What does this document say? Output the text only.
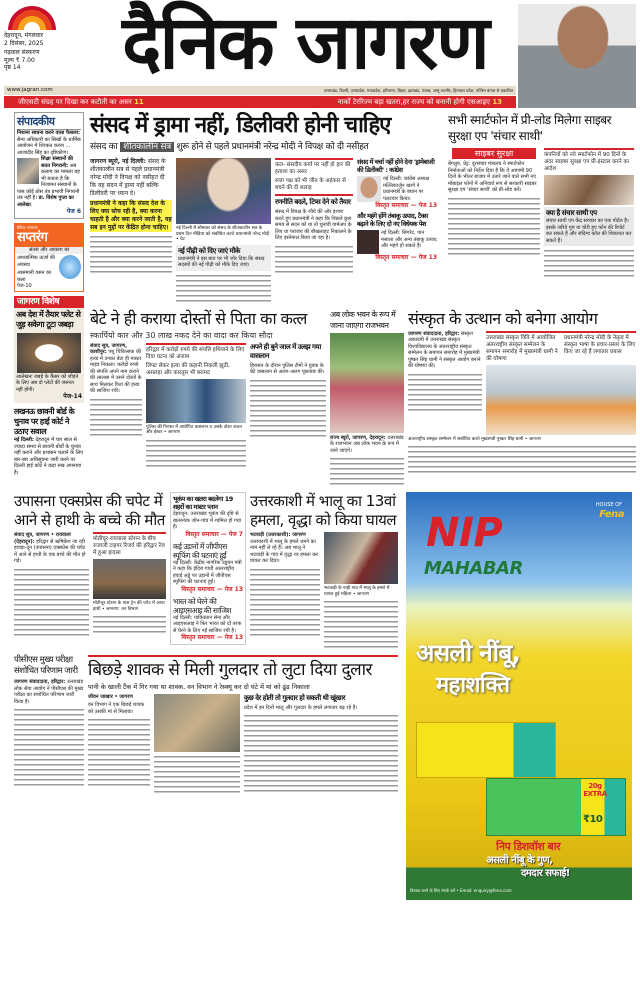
देहरादून, मंगलवार
2 दिसंबर, 2025
गढ़वाल संस्करण
मूल्य ₹ 7.00
पृष्ठ 14	दैनिक जागरण
www.jagran.com	उत्तराखंड, दिल्ली, उत्तरप्रदेश, मध्यप्रदेश, हरियाणा, बिहार, झारखंड, पंजाब, जम्मू कश्मीर, हिमाचल प्रदेश, पश्चिम बंगाल से प्रकाशित
जीएसटी संग्रह पर दिखा कर कटौती का असर 11	नार्को टेररिज्म बड़ा खतरा,हर राज्य को बनानी होगी एसआइए 13
संपादकीय
निशाना साधना करने वाला फैसला: सैन्य अधिकारी का सिखों के धार्मिक आयोजन में शिरकत करना ... आजादीर सिंह का दृष्टिकोण।
शिक्षा संस्थानों की सतत निगरानी: अब कलाम का मामला यह भी बताता है कि निजामत संस्थानों के पास कोई ठोस तंत्र प्रभावी निगरानी तंत्र नहीं है। डा. विशेष गुप्ता का आलेख।
पेज 6
दैनिक जागरण
सप्तरंग
अंतस और आकाश का
आध्यात्मिक ऊर्जा की अवस्था
आसमानी वसन का कला
पेज-10
जागरण विशेष
अब देश में तैयार फ्लेट से जुड़ सकेगा टूटा जबड़ा
आलेखनः जबड़े के कैंसर को जोड़ने के लिए अब दो प्लेटों की जरूरत नहीं होगी।
पेज-14
लखनऊ छावनी बोर्ड के चुनाव पर हाई कोर्ट ने उठाए सवाल
नई दिल्ली: देहरादून में चार साल से ज्यादा समय से छावनी बोर्डों के चुनाव नहीं कराने और प्रशासन चलाने के लिए बार-बार अधिसूचना जारी करने पर दिल्ली हाई कोर्ट ने कड़ा रुख अपनाया है।
संसद में ड्रामा नहीं, डिलीवरी होनी चाहिए
संसद का शीतकालीन सत्र शुरू होने से पहले प्रधानमंत्री नरेन्द्र मोदी ने विपक्ष को दी नसीहत
जागरण ब्यूरो, नई दिल्ली: संसद के शीतकालीन सत्र से पहले प्रधानमंत्री नरेन्द्र मोदी ने विपक्ष को नसीहत दी कि वह सदन में ड्रामा नहीं बल्कि डिलीवरी पर ध्यान दे।
प्रधानमंत्री ने कहा कि संसद देश के लिए क्या सोच रही है, क्या करना चाहती है और क्या करने जाती है, यह सब इन मुद्दों पर केंद्रित होना चाहिए।	नई दिल्ली में सोमवार को संसद के शीतकालीन सत्र के प्रथम दिन मीडिया को संबोधित करते प्रधानमंत्री नरेन्द्र मोदी • प्रेट
नई पीढ़ी को दिए जाएं मौके
प्रधानमंत्री ने इस बात पर भी जोर दिया कि संसद सदस्यों की नई पीढ़ी को मौके दिए जाएं।
कल- संसदीय कार्य पर नहीं हो हार की हताशा का असर
सत्ता पक्ष को भी जीत के अहंकार से बचने की दी सलाह
रणनीति बदले, टिप्स देने को तैयार
संसद में विपक्ष के रवैये की ओर इशारा करते हुए प्रधानमंत्री ने कहा कि पिछले कुछ समय से सदन को या तो चुनावी वार्मअप के लिए या पराजय की बौखलाहट निकालने के लिए इस्तेमाल किया जा रहा है।
संसद में चर्चा नहीं होने देना 'ड्रामेबाजी की डिलीवरी' : कांग्रेस
नई दिल्ली: कांग्रेस अध्यक्ष मल्लिकार्जुन खरगे ने प्रधानमंत्री के बयान पर पलटवार किया।
विस्तृत समाचार — पेज 13
और महंगे होंगे तंबाकू उत्पाद, टैक्स बढ़ाने के लिए दो नए विधेयक पेश
नई दिल्ली: सिगरेट, पान मसाला और अन्य तंबाकू उत्पाद और महंगे हो सकते हैं।
विस्तृत समाचार — पेज 13
सभी स्मार्टफोन में प्री-लोड मिलेगा साइबर सुरक्षा एप 'संचार साथी'
साइबर सुरक्षा
बेंगलुरु, प्रेट्र: दूरसंचार मंत्रालय ने स्मार्टफोन निर्माताओं को निर्देश दिया है कि वे आगामी 90 दिनों के भीतर बाजार में उतारे जाने वाले सभी नए मोबाइल फोनों में अनिवार्य रूप से सरकारी साइबर सुरक्षा एप 'संचार साथी' को प्री-लोड करें।
कंपनियों को नये स्मार्टफोन में 90 दिनों के अंदर साइबर सुरक्षा एप प्री-इंस्टाल करने का आदेश
क्या है संचार साथी एप
संचार साथी एप केंद्र सरकार का एक पोर्टल है। इसके जरिये गुम या चोरी हुए फोन की रिपोर्ट कर सकते हैं और संदिग्ध कॉल की शिकायत कर सकते हैं।
बेटे ने ही कराया दोस्तों से पिता का कत्ल
स्कार्पियो कार और 30 लाख नकद देने का वादा कर किया सौदा
संवाद सूत्र, जागरण, काशीपुर: पशु चिकित्सक की हत्या में उनका बेटा ही मास्टर माइंड निकला। करोड़ों रुपये की संपत्ति अपने नाम कराने की लालसा में उसने दोस्तों के साथ मिलकर पिता की हत्या की साजिश रची।
हरिद्वार में करोड़ों रुपये की संपत्ति हथियाने के लिए दिया घटना को अंजाम
लिफ्ट लेकर हत्या की कहानी निकली झूठी, असलहा और कारतूस भी बरामद
पुलिस की गिरफ्त में आरोपित वासलान व उसके दोस्त राजन और ईश्वर • जागरण
अपने ही बुने जाल में उलझ गया वासलान
हिरासत के दौरान पुलिस टीमों ने युवक के बेटे वासलान से अलग-अलग पूछताछ की।
अब लोक भवन के रूप में जाना जाएगा राजभवन
राज्य ब्यूरो, जागरण, देहरादून: उत्तराखंड के राजभवन अब लोक भवन के रूप में जाने जाएंगे।
संस्कृत के उत्थान को बनेगा आयोग
जागरण संवाददाता, हरिद्वार: संस्कृत अकादमी में उत्तराखंड संस्कृत विश्वविद्यालय के अंतरराष्ट्रीय संस्कृत सम्मेलन के समापन समारोह में मुख्यमंत्री पुष्कर सिंह धामी ने संस्कृत आयोग बनाने की घोषणा की।
उत्तराखंड संस्कृत विवि में आयोजित अंतरराष्ट्रीय संस्कृत सम्मेलन के समापन समारोह में मुख्यमंत्री धामी ने की घोषणा
प्रधानमंत्री नरेन्द्र मोदी के नेतृत्व में संस्कृत भाषा के प्रचार-प्रसार के लिए किए जा रहे हैं लगातार प्रयास
अंतरराष्ट्रीय संस्कृत सम्मेलन में संबोधित करते मुख्यमंत्री पुष्कर सिंह धामी • जागरण
उपासना एक्सप्रेस की चपेट में आने से हाथी के बच्चे की मौत
संवाद सूत्र, जागरण • रायवाला (देहरादून): हरिद्वार से ऋषिकेश जा रही हावड़ा-दून (उपासना) एक्सप्रेस की चपेट में आने से हाथी के एक बच्चे की मौत हो गई।
मोतीचूर-रायवाला स्टेशन के बीच राजाजी टाइगर रिजर्व की हरिद्वार रेंज में हुआ हादसा
मोतीचूर स्टेशन के पास ट्रेन की चपेट में आया हाथी • जागरण: वन विभाग
भूकंप का खतरा बदलेगा 19 शहरों का मास्टर प्लान
देहरादून: उत्तराखंड भूकंप की दृष्टि से खतरनाक जोन-पांच में शामिल हो गया है।
विस्तृत समाचार — पेज 7
कई उड़ानों में जीपीएस स्पूफिंग की घटनाएं हुईं
नई दिल्ली: केंद्रीय नागरिक उड्डयन मंत्री ने कहा कि इंदिरा गांधी अंतरराष्ट्रीय हवाई अड्डे पर उड़ानों में जीपीएस स्पूफिंग की घटनाएं हुईं।
विस्तृत समाचार — पेज 13
भारत को घेरने की आइएसआइ की साजिश
नई दिल्ली: पाकिस्तान सेना और आइएसआइ ने फिर भारत को दो तरफ से घेरने के लिए नई साजिश रची है।
विस्तृत समाचार — पेज 13
उत्तरकाशी में भालू का 13वां हमला, वृद्धा को किया घायल
भटवाड़ी (उत्तरकाशी): जागरण उत्तरकाशी में भालू के हमले थमने का नाम नहीं ले रहे हैं। अब भालू ने भटवाड़ी के गांव में वृद्धा पर हमला कर घायल कर दिया।
भटवाड़ी के नाही गांव में भालू के हमले में घायल हुई महिला • जागरण
पीसीएस मुख्य परीक्षा संशोधित परिणाम जारी
जागरण संवाददाता, हरिद्वार: उत्तराखंड लोक सेवा आयोग ने पीसीएस की मुख्य परीक्षा का संशोधित परिणाम जारी किया है।
बिछड़े शावक से मिली गुलदार तो लुटा दिया दुलार
पानी के खाली टैंक में गिर गया था शावक, वन विभाग ने रेस्क्यू कर दो घंटे में मां को ढूंढ निकाला
जीवन जाखार • जागरण
वन विभाग ने एक बिछड़े शावक को उसकी मां से मिलाया।
कुछ देर होती तो गुलदार हो सकती थी खूंखार
प्रदेश में इन दिनों भालू और गुलदार के हमले लगातार बढ़ रहे हैं।
HOUSE OF
Fena
NIP
MAHABAR
असली नींबू,
महाशक्ति
20g EXTRA
₹10
निप डिशवॉश बार
असली नींबू के गुण,
दमदार सफाई!
वितरक बनने के लिए संपर्क करें • Email: enquiry@fena.com
